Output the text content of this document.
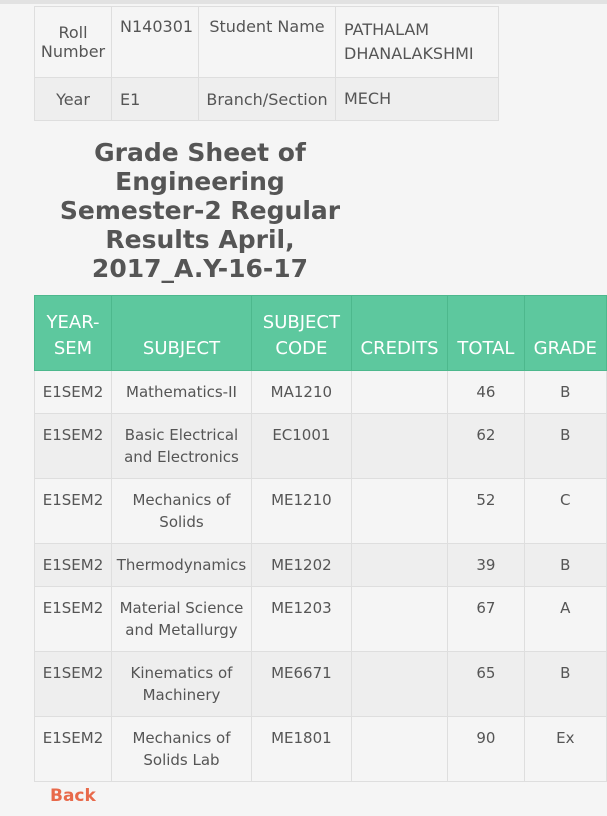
Roll Number	N140301	Student Name	PATHALAM DHANALAKSHMI
Year	E1	Branch/Section	MECH
Grade Sheet of Engineering Semester-2 Regular Results April, 2017_A.Y-16-17
YEAR-SEM	SUBJECT	SUBJECT CODE	CREDITS	TOTAL	GRADE
E1SEM2	Mathematics-II	MA1210		46	B
E1SEM2	Basic Electrical and Electronics	EC1001		62	B
E1SEM2	Mechanics of Solids	ME1210		52	C
E1SEM2	Thermodynamics	ME1202		39	B
E1SEM2	Material Science and Metallurgy	ME1203		67	A
E1SEM2	Kinematics of Machinery	ME6671		65	B
E1SEM2	Mechanics of Solids Lab	ME1801		90	Ex
Back
